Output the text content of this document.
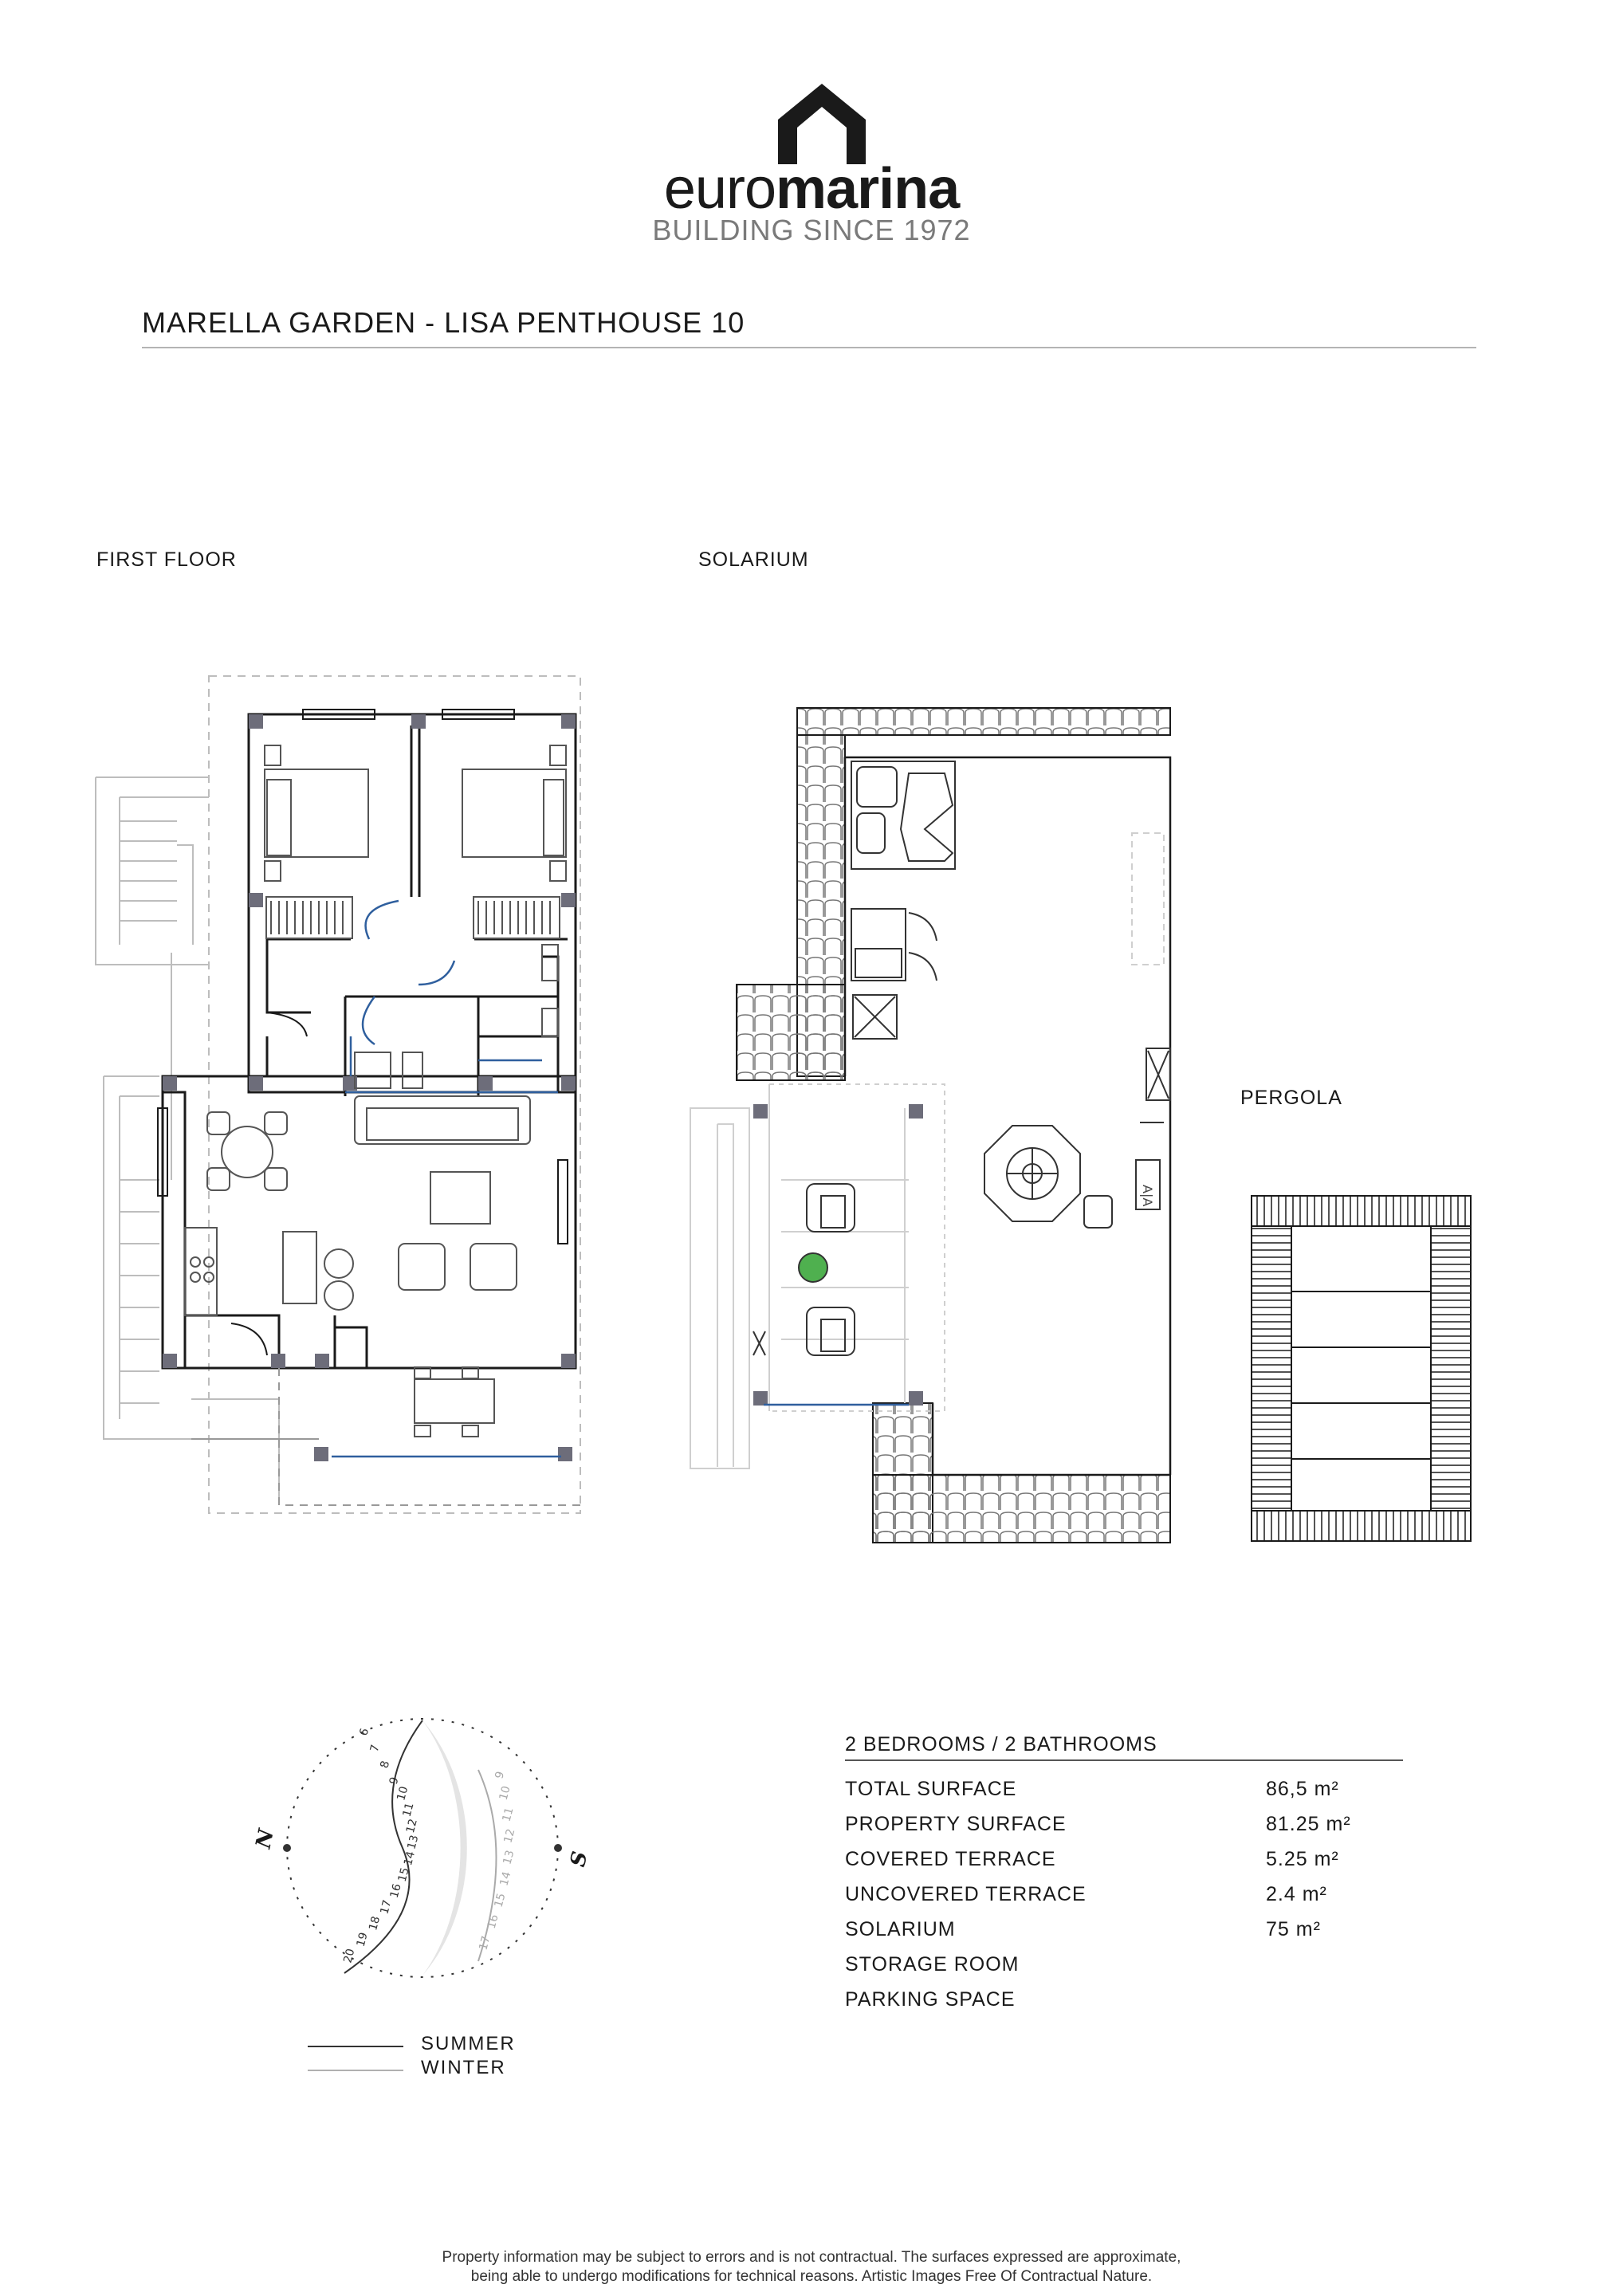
euromarina
BUILDING SINCE 1972
MARELLA GARDEN - LISA PENTHOUSE 10
FIRST FLOOR	SOLARIUM
PERGOLA
A|A
N
S
6
7
8
9
10
11
12
13
14
15
16
17
18
19
20
9
10
11
12
13
14
15
16
17
SUMMER
WINTER
2 BEDROOMS / 2 BATHROOMS
TOTAL SURFACE	86,5 m²
PROPERTY SURFACE	81.25 m²
COVERED TERRACE	5.25 m²
UNCOVERED TERRACE	2.4 m²
SOLARIUM	75 m²
STORAGE ROOM
PARKING SPACE
Property information may be subject to errors and is not contractual. The surfaces expressed are approximate,
being able to undergo modifications for technical reasons. Artistic Images Free Of Contractual Nature.
